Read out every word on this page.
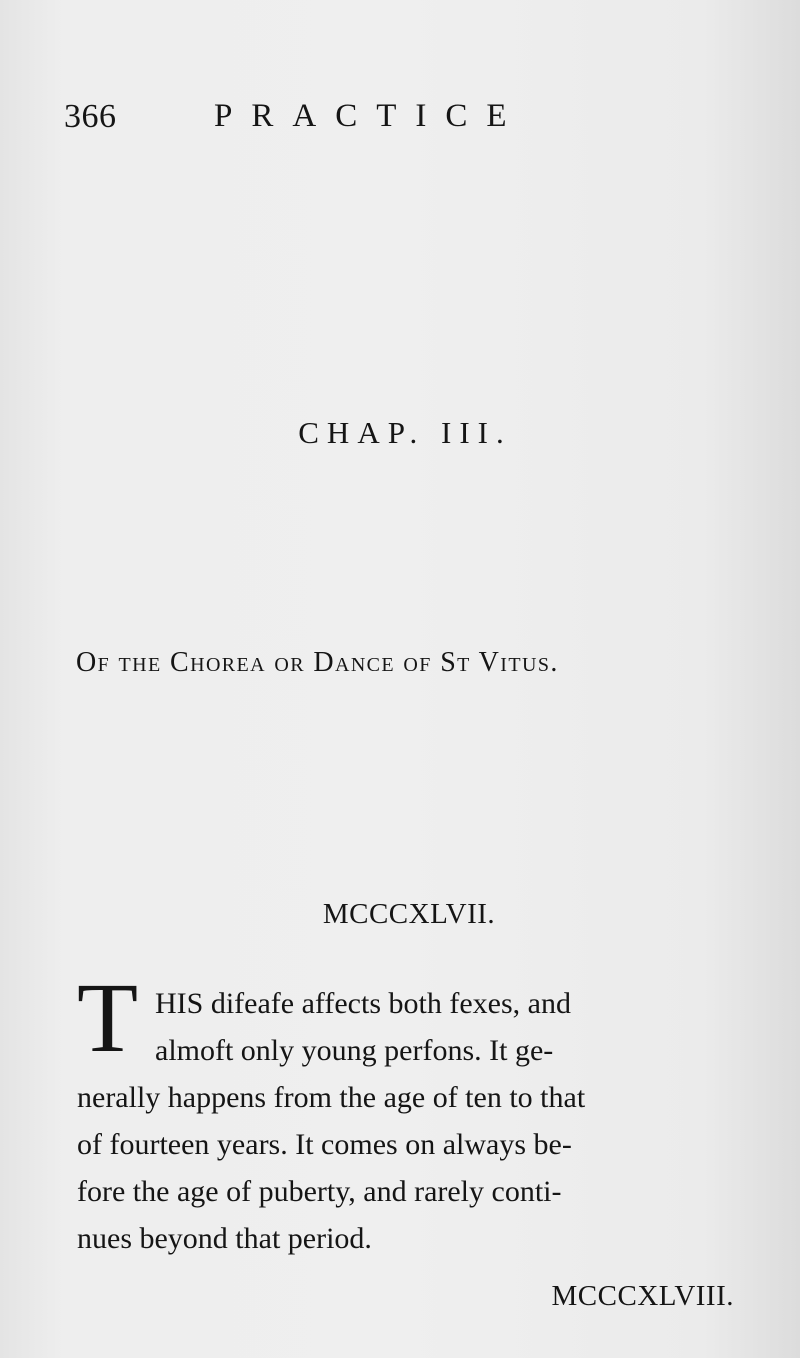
366	PRACTICE
CHAP. III.
Of the Chorea or Dance of St Vitus.
MCCCXLVII.
T HIS difeafe affects both fexes, and
almoft only young perfons. It ge-
nerally happens from the age of ten to that
of fourteen years. It comes on always be-
fore the age of puberty, and rarely conti-
nues beyond that period.
MCCCXLVIII.
